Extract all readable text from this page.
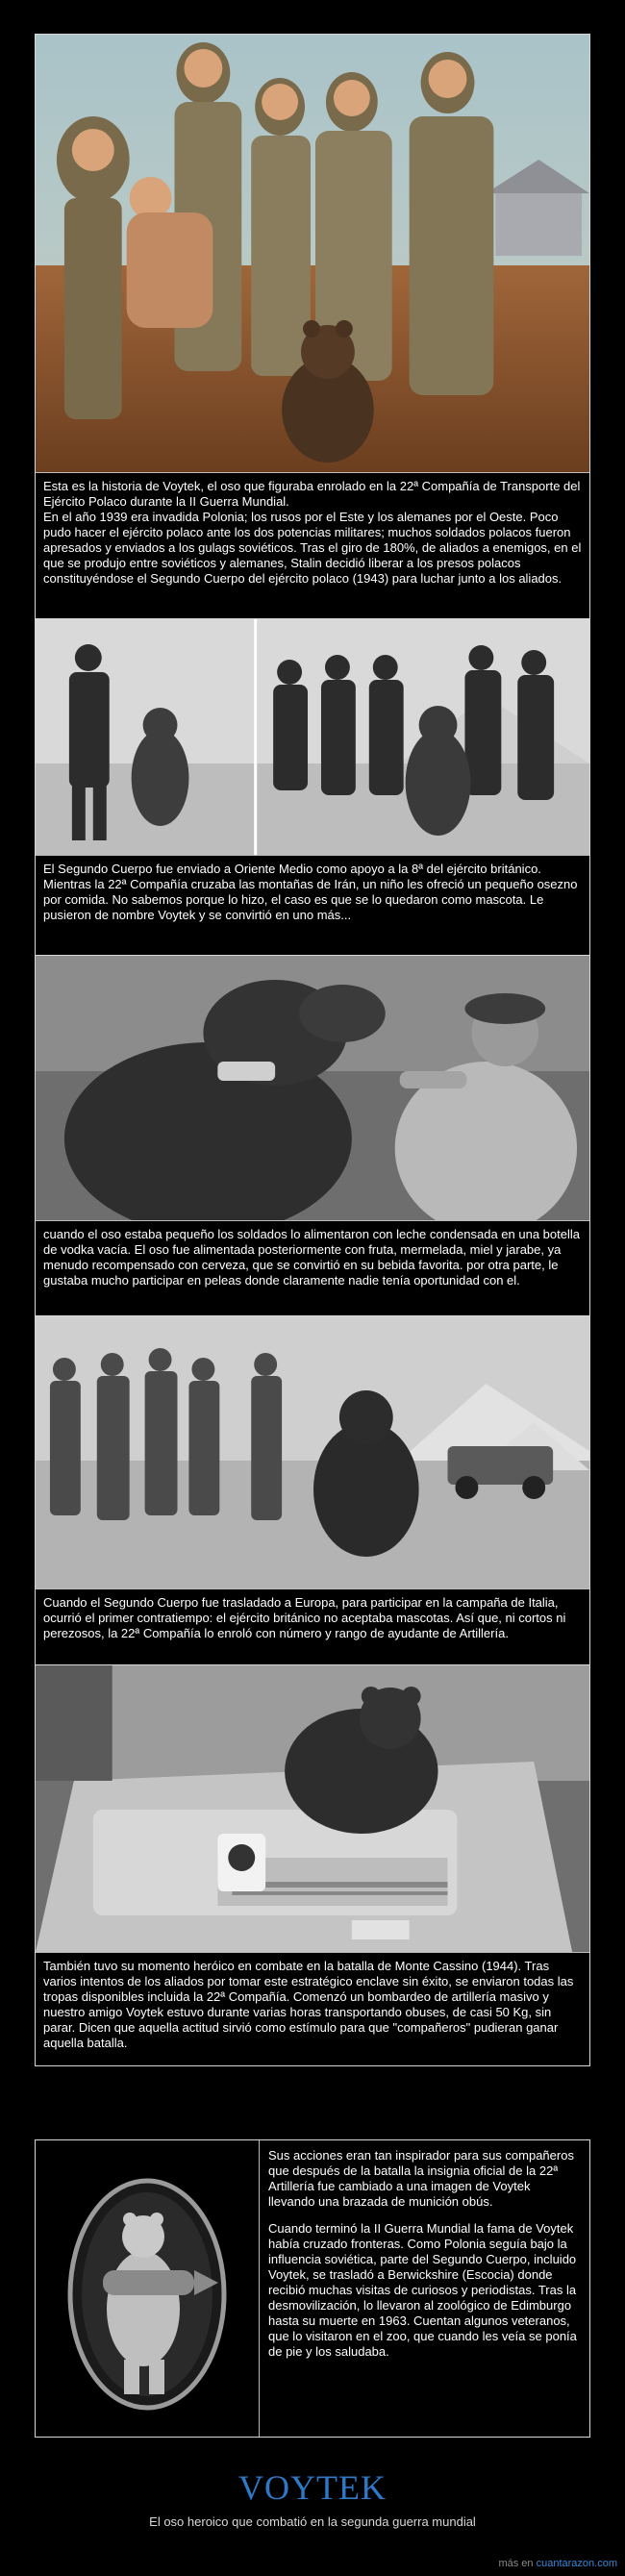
Esta es la historia de Voytek, el oso que figuraba enrolado en la 22ª Compañía de Transporte del Ejército Polaco durante la II Guerra Mundial.

En el año 1939 era invadida Polonia; los rusos por el Este y los alemanes por el Oeste. Poco pudo hacer el ejército polaco ante los dos potencias militares; muchos soldados polacos fueron apresados y enviados a los gulags soviéticos. Tras el giro de 180%, de aliados a enemigos, en el que se produjo entre soviéticos y alemanes, Stalin decidió liberar a los presos polacos constituyéndose el Segundo Cuerpo del ejército polaco (1943) para luchar junto a los aliados.

El Segundo Cuerpo fue enviado a Oriente Medio como apoyo a la 8ª del ejército británico. Mientras la 22ª Compañía cruzaba las montañas de Irán, un niño les ofreció un pequeño osezno por comida. No sabemos porque lo hizo, el caso es que se lo quedaron como mascota. Le pusieron de nombre Voytek y se convirtió en uno más...

cuando el oso estaba pequeño los soldados lo alimentaron con leche condensada en una botella de vodka vacía. El oso fue alimentada posteriormente con fruta, mermelada, miel y jarabe, ya menudo recompensado con cerveza, que se convirtió en su bebida favorita. por otra parte, le gustaba mucho participar en peleas donde claramente nadie tenía oportunidad con el.

Cuando el Segundo Cuerpo fue trasladado a Europa, para participar en la campaña de Italia, ocurrió el primer contratiempo: el ejército británico no aceptaba mascotas. Así que, ni cortos ni perezosos, la 22ª Compañía lo enroló con número y rango de ayudante de Artillería.

También tuvo su momento heróico en combate en la batalla de Monte Cassino (1944). Tras varios intentos de los aliados por tomar este estratégico enclave sin éxito, se enviaron todas las tropas disponibles incluida la 22ª Compañía. Comenzó un bombardeo de artillería masivo y nuestro amigo Voytek estuvo durante varias horas transportando obuses, de casi 50 Kg, sin parar. Dicen que aquella actitud sirvió como estímulo para que "compañeros" pudieran ganar aquella batalla.

Sus acciones eran tan inspirador para sus compañeros que después de la batalla la insignia oficial de la 22ª Artillería fue cambiado a una imagen de Voytek llevando una brazada de munición obús.

Cuando terminó la II Guerra Mundial la fama de Voytek había cruzado fronteras. Como Polonia seguía bajo la influencia soviética, parte del Segundo Cuerpo, incluido Voytek, se trasladó a Berwickshire (Escocia) donde recibió muchas visitas de curiosos y periodistas. Tras la desmovilización, lo llevaron al zoológico de Edimburgo hasta su muerte en 1963. Cuentan algunos veteranos, que lo visitaron en el zoo, que cuando les veía se ponía de pie y los saludaba.

VOYTEK
El oso heroico que combatió en la segunda guerra mundial
más en cuantarazon.com
